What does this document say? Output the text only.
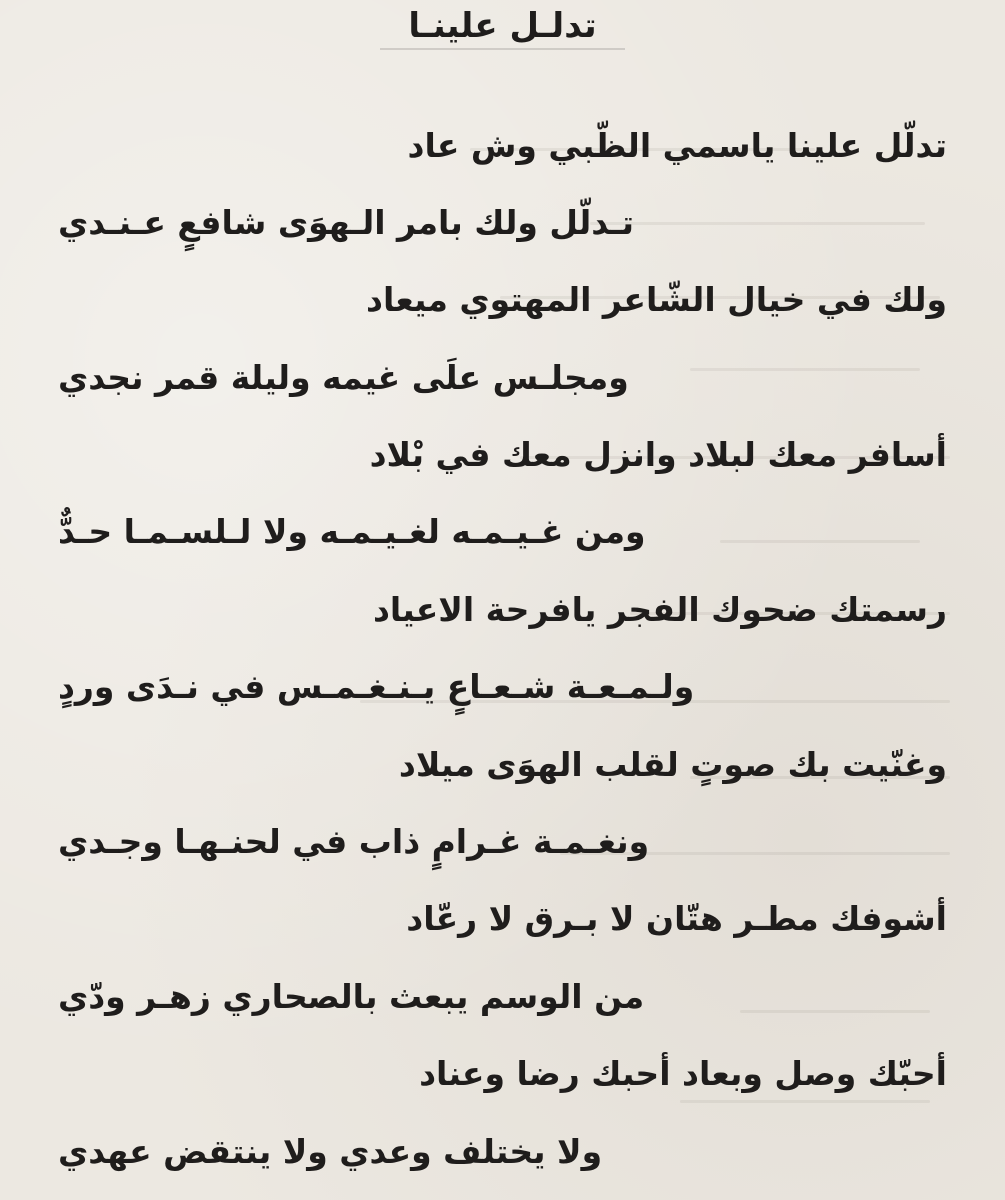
تدلـل علينـا
تدلّل علينا ياسمي الظّبي وش عاد
تـدلّل ولك بامر الـهوَى شافعٍ عـنـدي
ولك في خيال الشّاعر المهتوي ميعاد
ومجلـس علَى غيمه وليلة قمر نجدي
أسافر معك لبلاد وانزل معك في بْلاد
ومن غـيـمـه لغـيـمـه ولا لـلسـمـا حـدٌّ
رسمتك ضحوك الفجر يافرحة الاعياد
ولـمـعـة شـعـاعٍ يـنـغـمـس في نـدَى وردٍ
وغنّيت بك صوتٍ لقلب الهوَى ميلاد
ونغـمـة غـرامٍ ذاب في لحنـهـا وجـدي
أشوفك مطـر هتّان لا بـرق لا رعّاد
من الوسم يبعث بالصحاري زهـر ودّي
أحبّك وصل وبعاد أحبك رضا وعناد
ولا يختلف وعدي ولا ينتقض عهدي
